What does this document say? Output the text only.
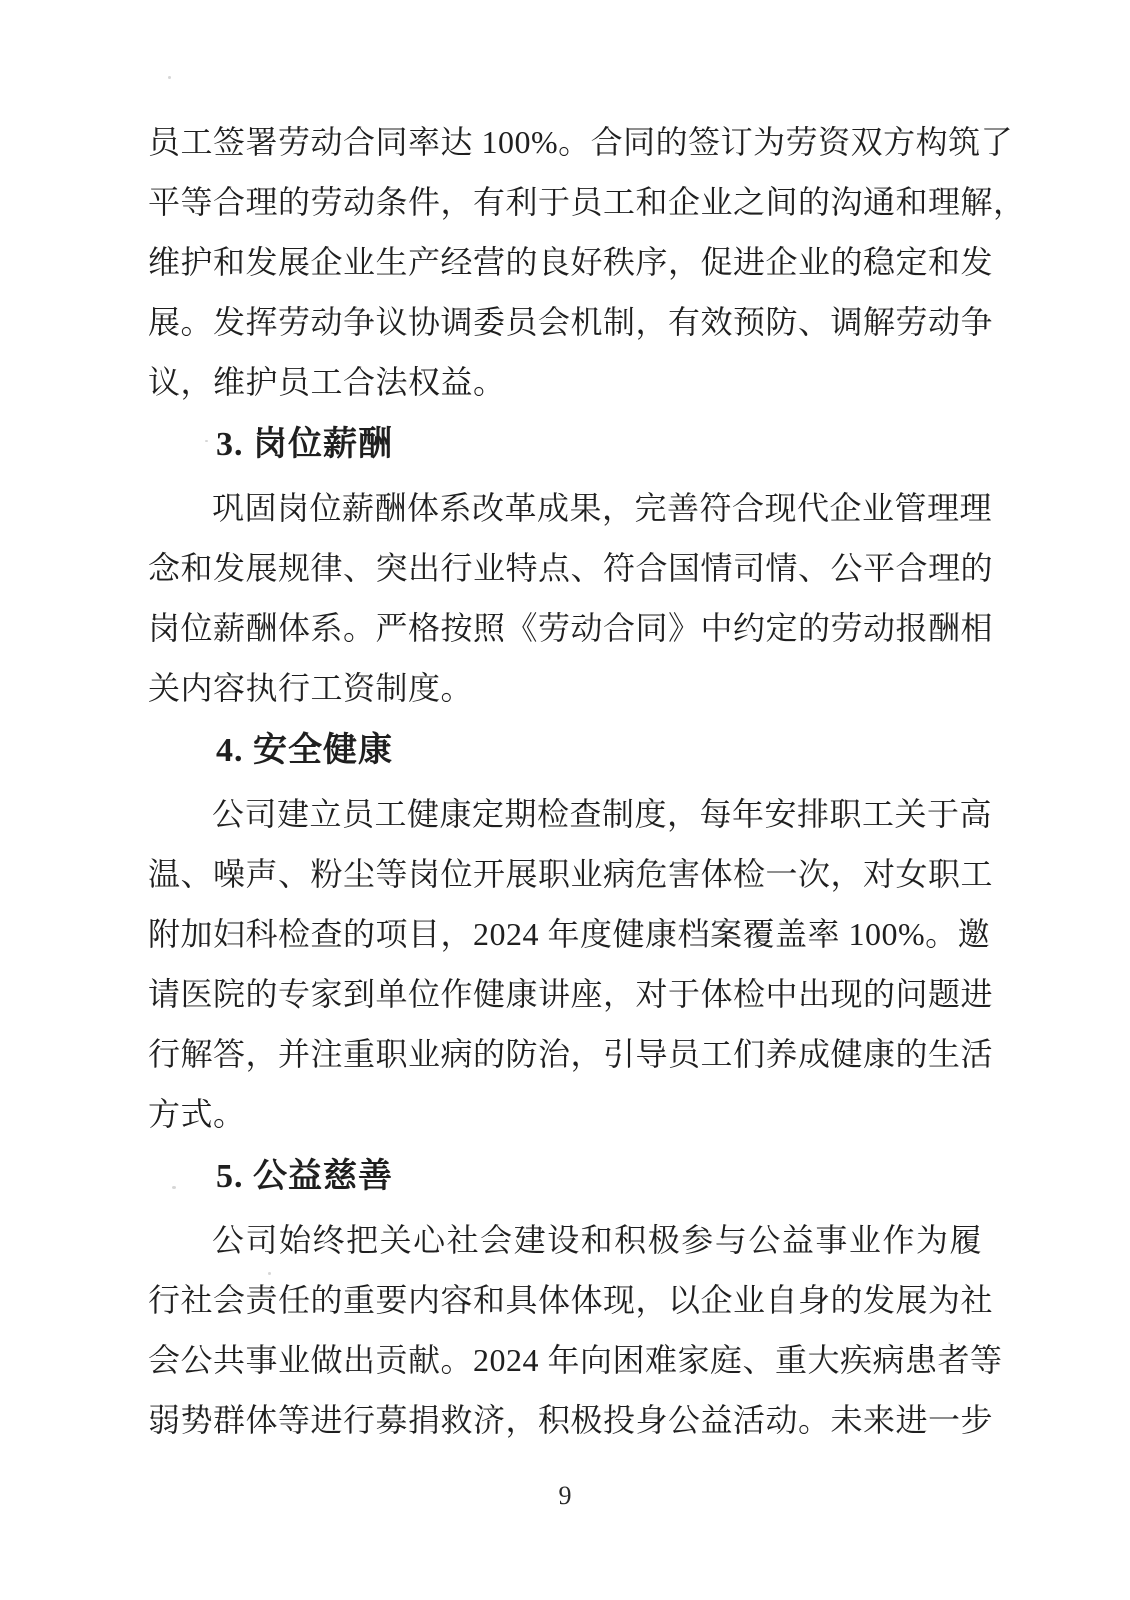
员工签署劳动合同率达 100%。合同的签订为劳资双方构筑了
平等合理的劳动条件，有利于员工和企业之间的沟通和理解，
维护和发展企业生产经营的良好秩序，促进企业的稳定和发
展。发挥劳动争议协调委员会机制，有效预防、调解劳动争
议，维护员工合法权益。
3. 岗位薪酬
巩固岗位薪酬体系改革成果，完善符合现代企业管理理
念和发展规律、突出行业特点、符合国情司情、公平合理的
岗位薪酬体系。严格按照《劳动合同》中约定的劳动报酬相
关内容执行工资制度。
4. 安全健康
公司建立员工健康定期检查制度，每年安排职工关于高
温、噪声、粉尘等岗位开展职业病危害体检一次，对女职工
附加妇科检查的项目，2024 年度健康档案覆盖率 100%。邀
请医院的专家到单位作健康讲座，对于体检中出现的问题进
行解答，并注重职业病的防治，引导员工们养成健康的生活
方式。
5. 公益慈善
公司始终把关心社会建设和积极参与公益事业作为履
行社会责任的重要内容和具体体现，以企业自身的发展为社
会公共事业做出贡献。2024 年向困难家庭、重大疾病患者等
弱势群体等进行募捐救济，积极投身公益活动。未来进一步
9
